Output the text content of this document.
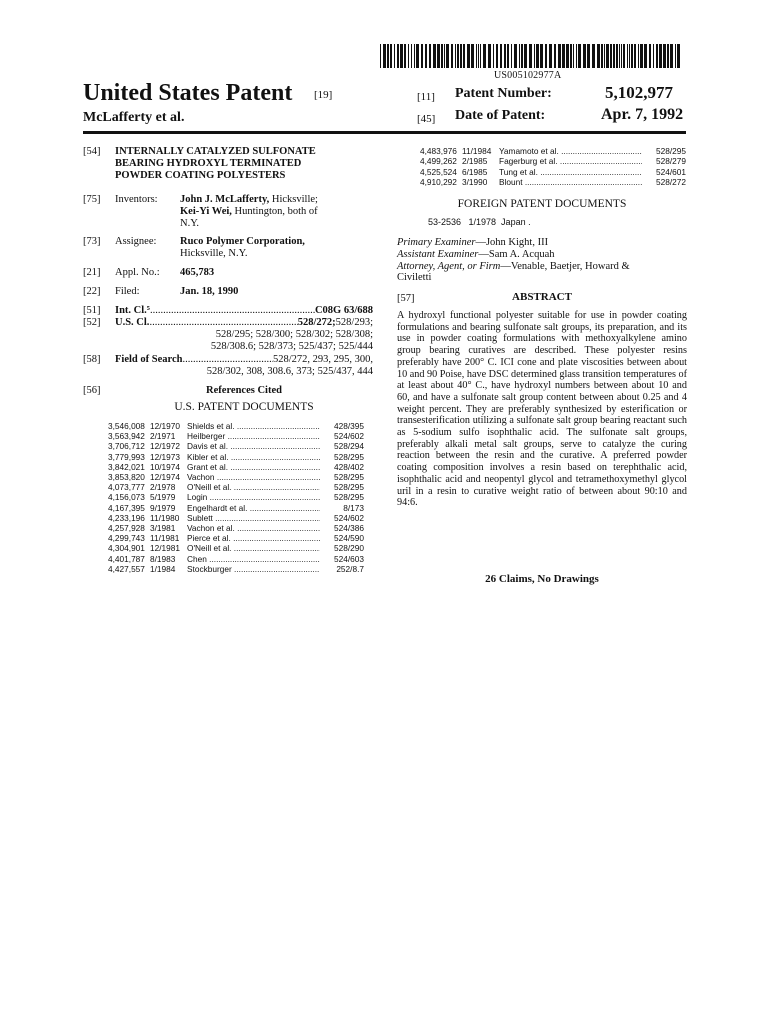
US005102977A
United States Patent [19]
McLafferty et al.
[11] Patent Number:	5,102,977
[45] Date of Patent:	Apr. 7, 1992
[54] INTERNALLY CATALYZED SULFONATE
BEARING HYDROXYL TERMINATED
POWDER COATING POLYESTERS
[75] Inventors: John J. McLafferty, Hicksville;
Kei-Yi Wei, Huntington, both of
N.Y.
[73] Assignee: Ruco Polymer Corporation,
Hicksville, N.Y.
[21] Appl. No.: 465,783
[22] Filed:	Jan. 18, 1990
[51] Int. Cl.⁵ .....	C08G 63/688
[52] U.S. Cl. .....	528/272; 528/293;
528/295; 528/300; 528/302; 528/308;
528/308.6; 528/373; 525/437; 525/444
[58] Field of Search .....	528/272, 293, 295, 300,
528/302, 308, 308.6, 373; 525/437, 444
[56]	References Cited
U.S. PATENT DOCUMENTS
3,546,008 12/1970 Shields et al. .....	428/395
3,563,942 2/1971	Heilberger .....	524/602
3,706,712 12/1972 Davis et al. .....	528/294
3,779,993 12/1973 Kibler et al. .....	528/295
3,842,021 10/1974 Grant et al. .....	428/402
3,853,820 12/1974 Vachon .....	528/295
4,073,777 2/1978	O'Neill et al. .....	528/295
4,156,073 5/1979	Login .....	528/295
4,167,395 9/1979	Engelhardt et al. .....	8/173
4,233,196 11/1980 Sublett .....	524/602
4,257,928 3/1981	Vachon et al. .....	524/386
4,299,743 11/1981 Pierce et al. .....	524/590
4,304,901 12/1981 O'Neill et al. .....	528/290
4,401,787 8/1983	Chen .....	524/603
4,427,557 1/1984	Stockburger .....	252/8.7
4,483,976 11/1984 Yamamoto et al. .....	528/295
4,499,262 2/1985	Fagerburg et al. .....	528/279
4,525,524 6/1985	Tung et al. .....	524/601
4,910,292 3/1990	Blount .....	528/272
FOREIGN PATENT DOCUMENTS
53-2536   1/1978  Japan .
Primary Examiner—John Kight, III
Assistant Examiner—Sam A. Acquah
Attorney, Agent, or Firm—Venable, Baetjer, Howard &
Civiletti
[57]	ABSTRACT
A hydroxyl functional polyester suitable for use in powder coating formulations and bearing sulfonate salt groups, its preparation, and its use in powder coating formulations with methoxyalkylene amino group bearing curatives are described. These polyester resins preferably have 200° C. ICI cone and plate viscosities between about 10 and 90 Poise, have DSC determined glass transition temperatures of at least about 40° C., have hydroxyl numbers between about 10 and 60, and have a sulfonate salt group content between about 0.25 and 4 weight percent. They are preferably synthesized by esterification or transesterification utilizing a sulfonate salt group bearing reactant such as 5-sodium sulfo isophthalic acid. The sulfonate salt groups, preferably alkali metal salt groups, serve to catalyze the curing reaction between the resin and the curative. A preferred powder coating composition involves a resin based on terephthalic acid, isophthalic acid and neopentyl glycol and tetramethoxymethyl glycol uril in a resin to curative weight ratio of between about 90:10 and 94:6.
26 Claims, No Drawings
